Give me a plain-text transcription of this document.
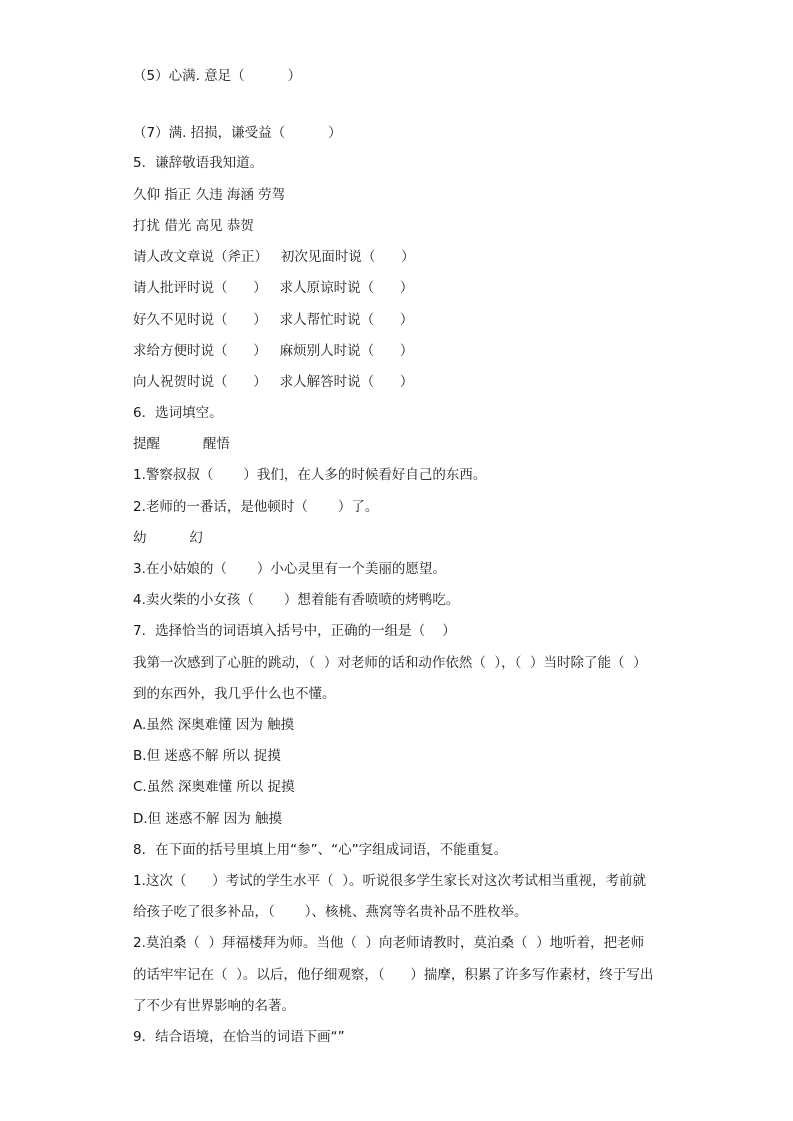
（5）心满. 意足（          ）
（7）满. 招损，谦受益（          ）
5．谦辞敬语我知道。
久仰 指正 久违 海涵 劳驾
打扰 借光 高见 恭贺
请人改文章说（斧正）   初次见面时说（      ）
请人批评时说（      ）   求人原谅时说（      ）
好久不见时说（      ）   求人帮忙时说（      ）
求给方便时说（      ）   麻烦别人时说（      ）
向人祝贺时说（      ）   求人解答时说（      ）
6．选词填空。
提醒          醒悟
1.警察叔叔（       ）我们，在人多的时候看好自己的东西。
2.老师的一番话，是他顿时（       ）了。
幼          幻
3.在小姑娘的（       ）小心灵里有一个美丽的愿望。
4.卖火柴的小女孩（       ）想着能有香喷喷的烤鸭吃。
7．选择恰当的词语填入括号中，正确的一组是（    ）
我第一次感到了心脏的跳动，（  ）对老师的话和动作依然（  ），（  ）当时除了能（  ）
到的东西外，我几乎什么也不懂。
A.虽然 深奥难懂 因为 触摸
B.但 迷惑不解 所以 捉摸
C.虽然 深奥难懂 所以 捉摸
D.但 迷惑不解 因为 触摸
8．在下面的括号里填上用“参”、“心”字组成词语，不能重复。
1.这次（      ）考试的学生水平（  ）。听说很多学生家长对这次考试相当重视，考前就
给孩子吃了很多补品，（       ）、核桃、燕窝等名贵补品不胜枚举。
2.莫泊桑（  ）拜福楼拜为师。当他（  ）向老师请教时，莫泊桑（  ）地听着，把老师
的话牢牢记在（  ）。以后，他仔细观察，（      ）揣摩，积累了许多写作素材，终于写出
了不少有世界影响的名著。
9．结合语境，在恰当的词语下画“”
